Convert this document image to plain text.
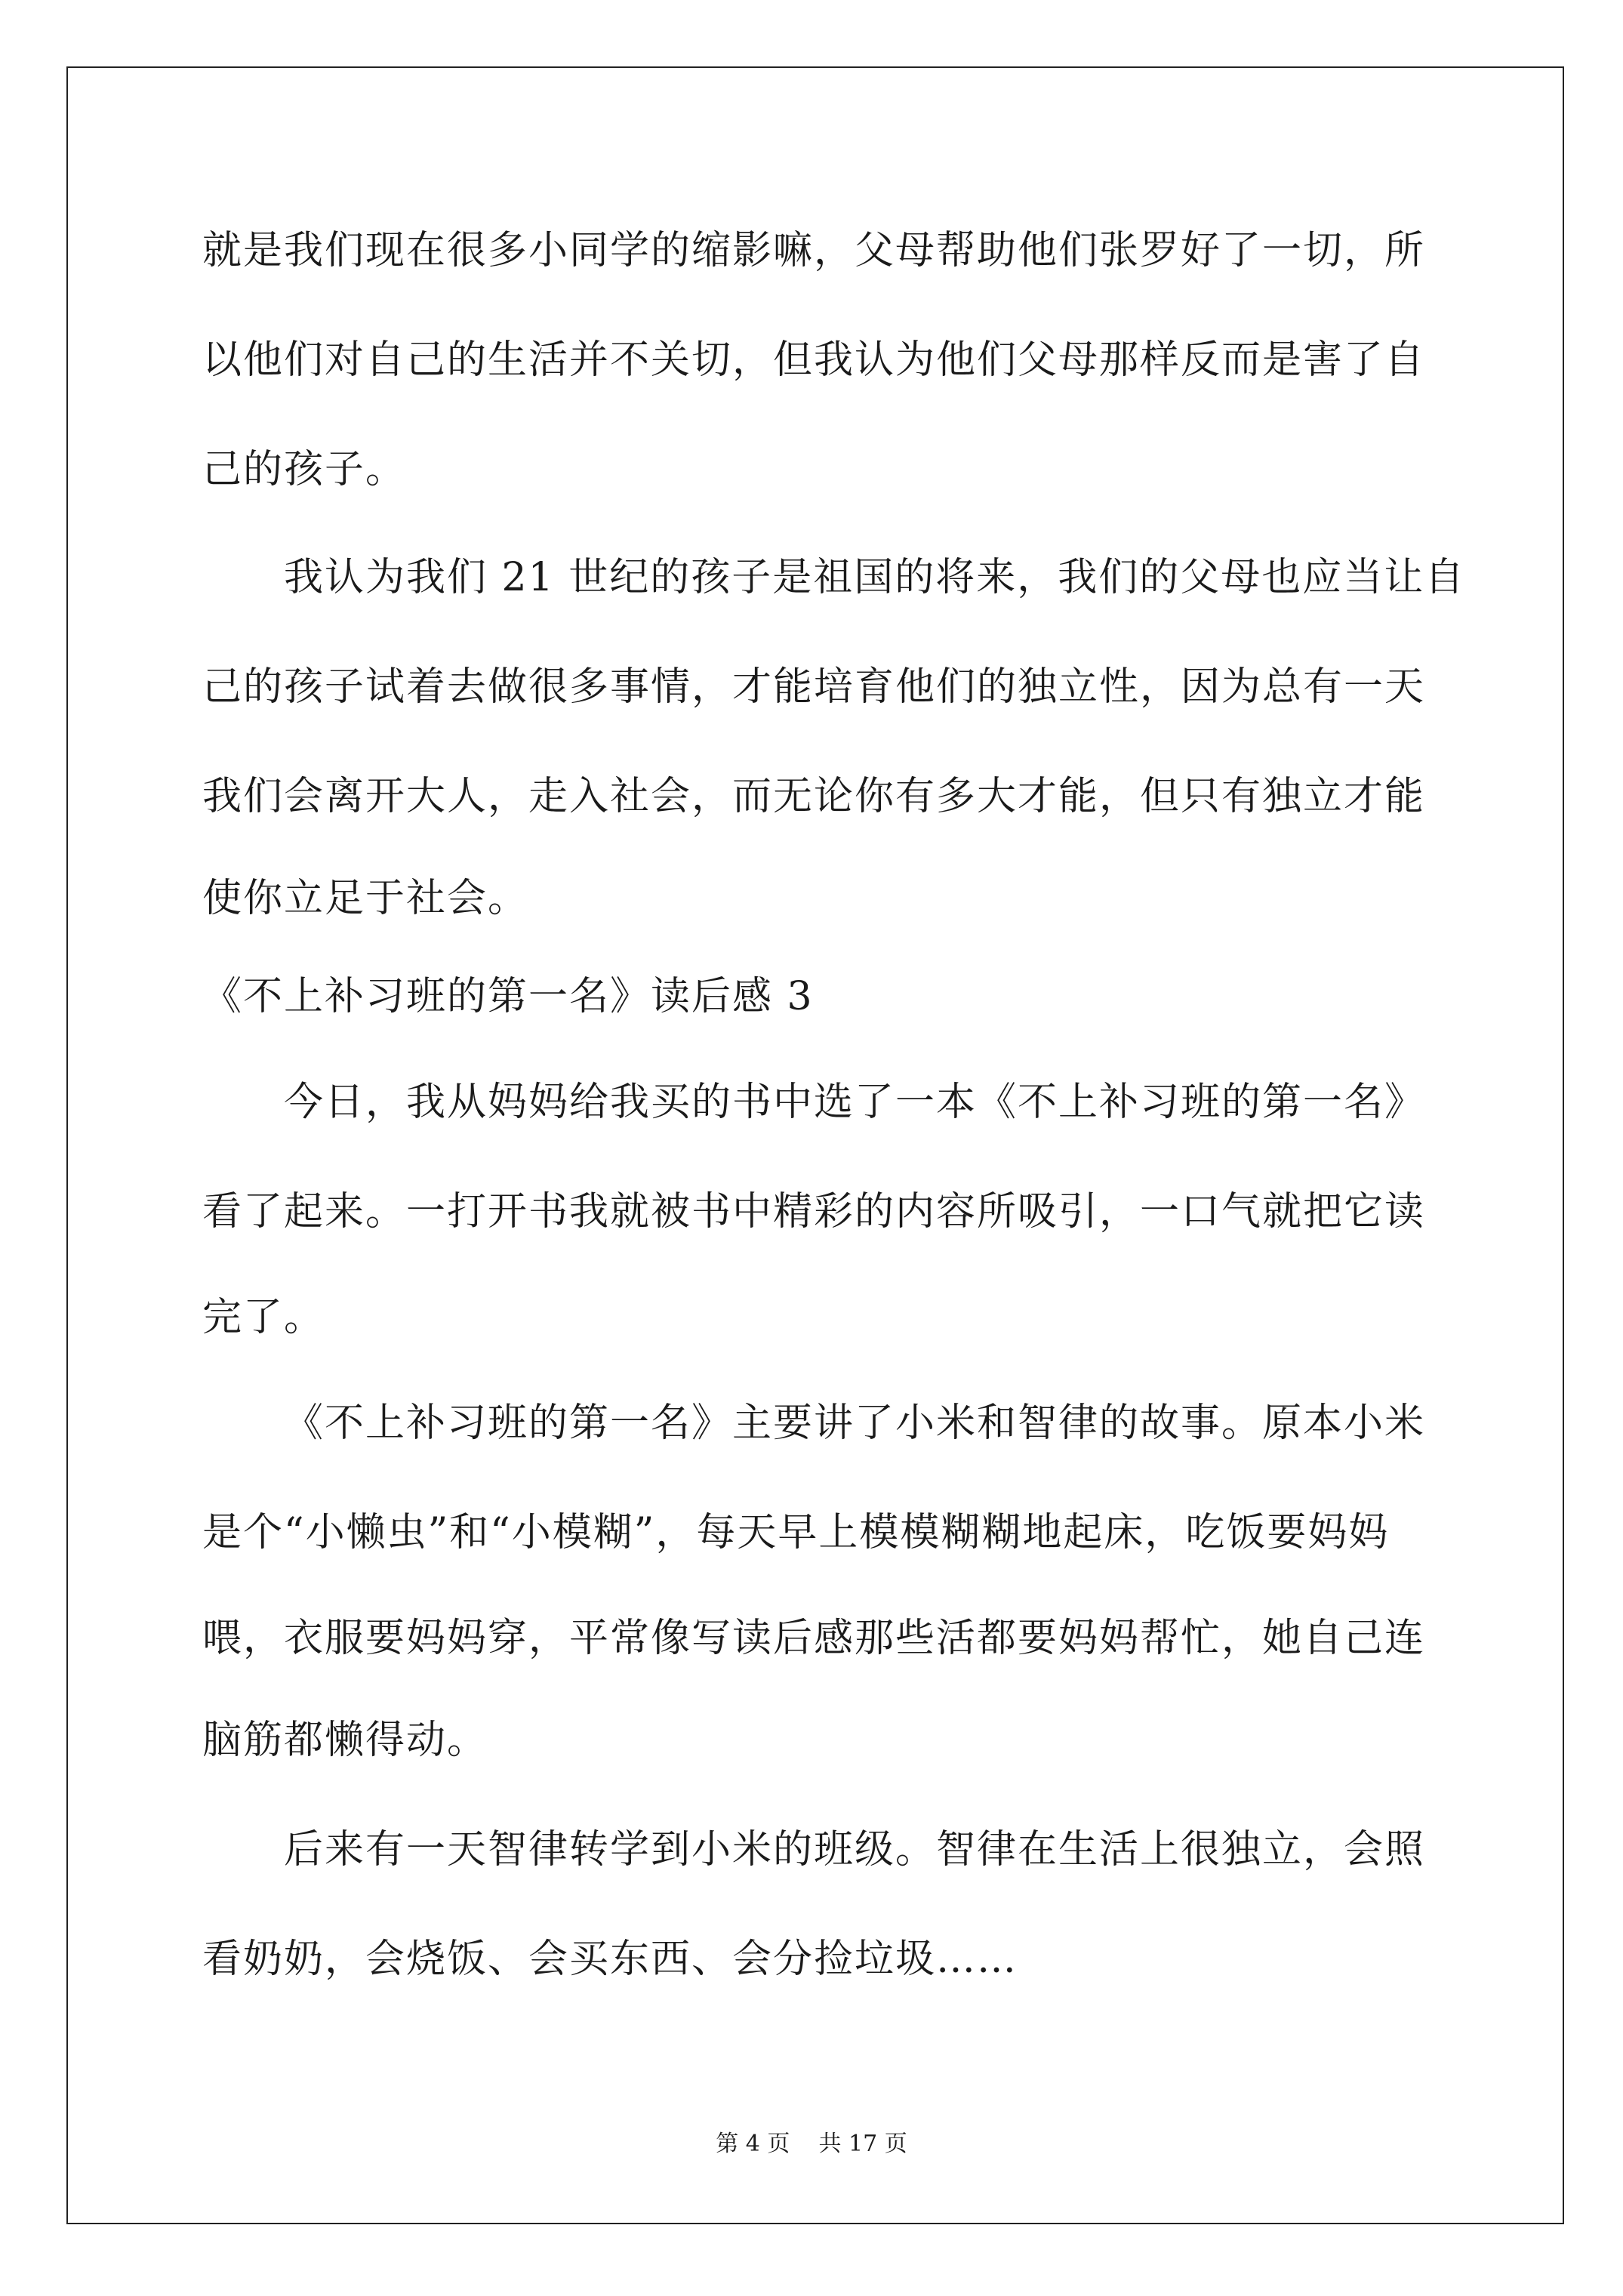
就是我们现在很多小同学的缩影嘛，父母帮助他们张罗好了一切，所
以他们对自己的生活并不关切，但我认为他们父母那样反而是害了自
己的孩子。
我认为我们 21 世纪的孩子是祖国的将来，我们的父母也应当让自
己的孩子试着去做很多事情，才能培育他们的独立性，因为总有一天
我们会离开大人，走入社会，而无论你有多大才能，但只有独立才能
使你立足于社会。
《不上补习班的第一名》读后感 3
今日，我从妈妈给我买的书中选了一本《不上补习班的第一名》
看了起来。一打开书我就被书中精彩的内容所吸引，一口气就把它读
完了。
《不上补习班的第一名》主要讲了小米和智律的故事。原本小米
是个“小懒虫”和“小模糊”，每天早上模模糊糊地起床，吃饭要妈妈
喂，衣服要妈妈穿，平常像写读后感那些活都要妈妈帮忙，她自己连
脑筋都懒得动。
后来有一天智律转学到小米的班级。智律在生活上很独立，会照
看奶奶，会烧饭、会买东西、会分捡垃圾……
第 4 页    共 17 页
